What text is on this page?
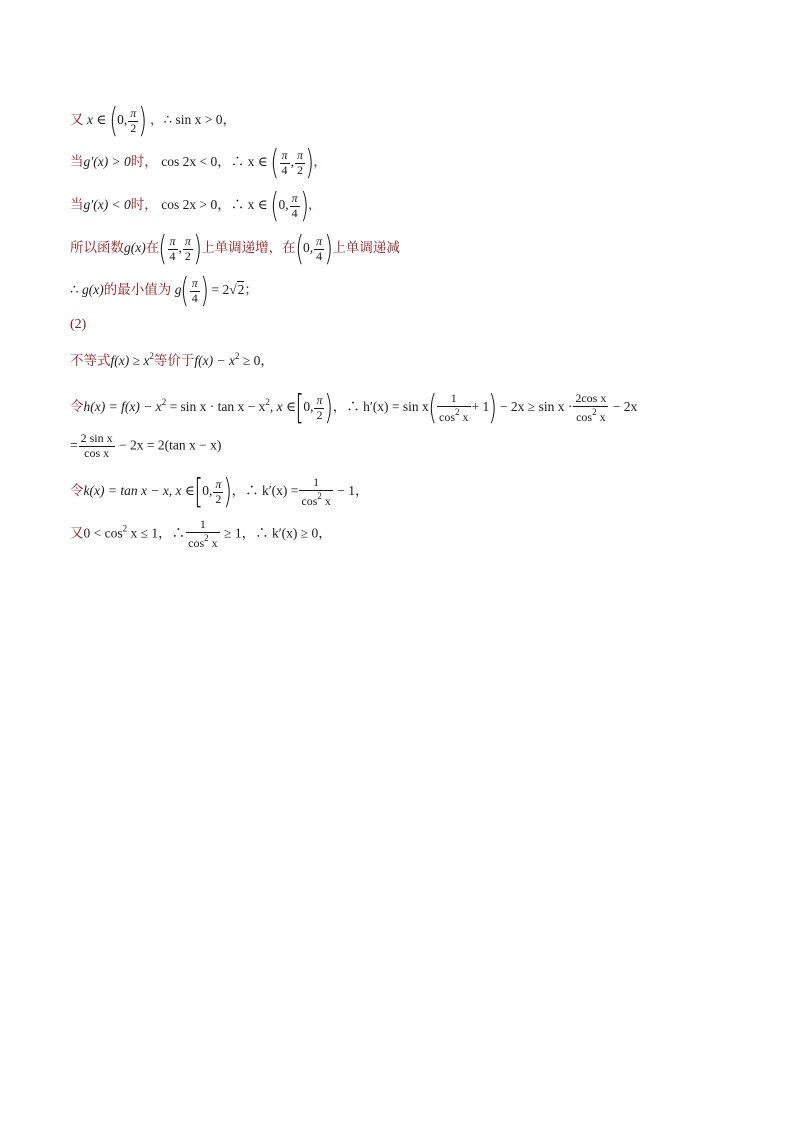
又 x ∈ (0, $\frac{\pi}{2}$ ) ，∴ sin x > 0，
当g′(x) > 0时， cos 2x < 0，∴ x ∈ ( $\frac{\pi}{4}$ , $\frac{\pi}{2}$ )，
当g′(x) < 0时， cos 2x > 0，∴ x ∈ (0, $\frac{\pi}{4}$ )，
所以函数g(x)在( $\frac{\pi}{4}$ , $\frac{\pi}{2}$ )上单调递增，在(0, $\frac{\pi}{4}$ )上单调递减
∴ g(x)的最小值为 $g( \frac{\pi}{4}$ ) = 2√2；
(2)
不等式$f(x) \ge x^2$等价于$f(x) - x^2 \ge 0$，
令$h(x) = f(x) - x^2 = \sin x \cdot \tan x - x^2$, x ∈[0, $\frac{\pi}{2}$ )，∴ $h'(x) = \sin x( \frac{1}{\cos^2 x} + 1) - 2x \ge \sin x \cdot \frac{\text{2cos x}}{\cos^2 x} - 2x$
= $\frac{\text{2 sin x}}{\text{cos x}} - 2x = 2(\tan$ x − x)
令k(x) = tan x − x, x ∈[0, $\frac{\pi}{2}$ )，∴ $k'(x) = \frac{1}{\cos^2 x} - 1$，
又$0 < \cos^2 x \le 1$，∴ $\frac{1}{\cos^2 x} \ge 1$，∴ k′(x) ≥ 0，
